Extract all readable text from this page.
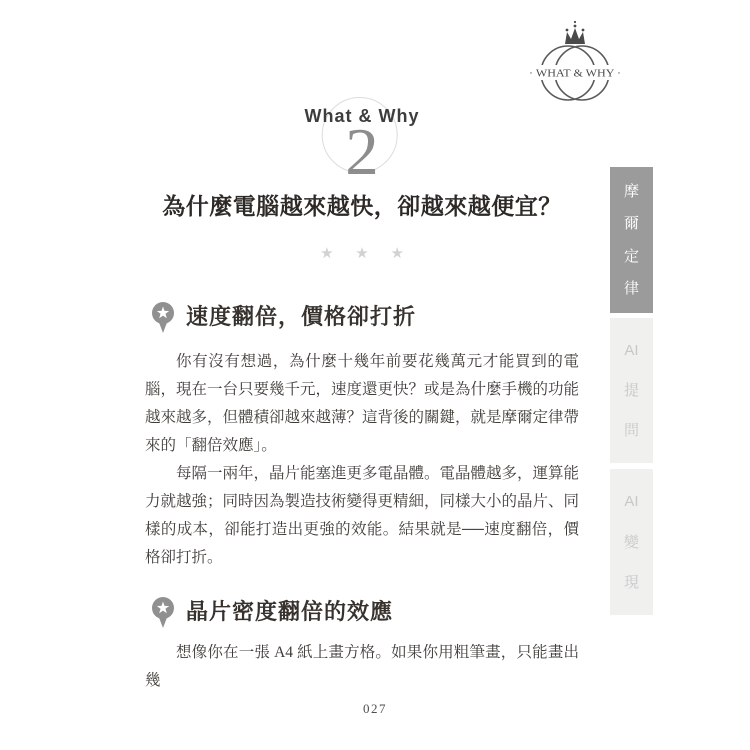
· WHAT & WHY ·
What & Why
2
為什麼電腦越來越快，卻越來越便宜？
★ ★ ★
速度翻倍，價格卻打折

你有沒有想過，為什麼十幾年前要花幾萬元才能買到的電腦，現在一台只要幾千元，速度還更快？或是為什麼手機的功能越來越多，但體積卻越來越薄？這背後的關鍵，就是摩爾定律帶來的「翻倍效應」。

每隔一兩年，晶片能塞進更多電晶體。電晶體越多，運算能力就越強；同時因為製造技術變得更精細，同樣大小的晶片、同樣的成本，卻能打造出更強的效能。結果就是──速度翻倍，價格卻打折。

晶片密度翻倍的效應

想像你在一張 A4 紙上畫方格。如果你用粗筆畫，只能畫出幾

摩
爾
定
律
AI
提
問
AI
變
現
027
